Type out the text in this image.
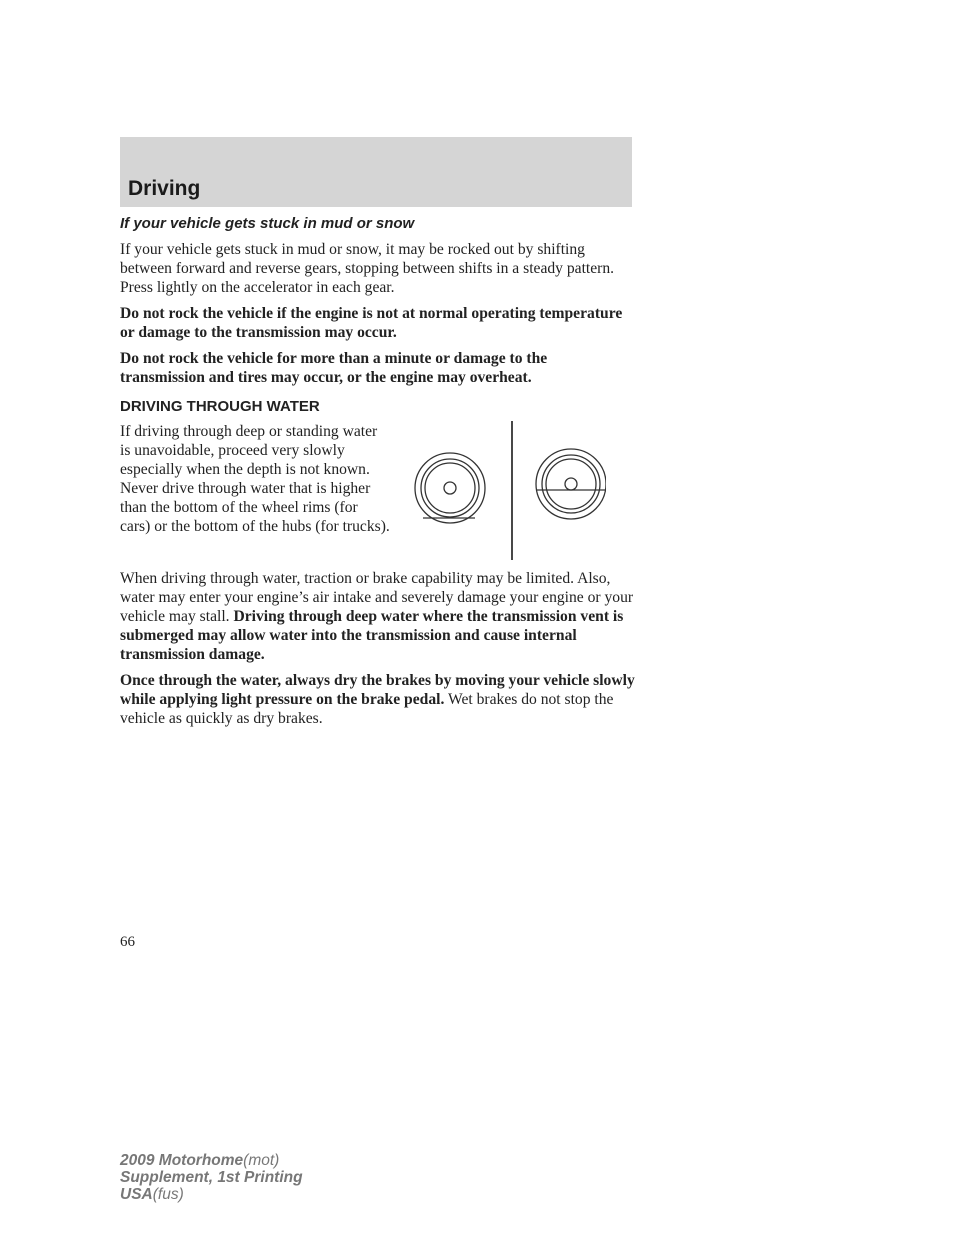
Driving
If your vehicle gets stuck in mud or snow

If your vehicle gets stuck in mud or snow, it may be rocked out by shifting between forward and reverse gears, stopping between shifts in a steady pattern. Press lightly on the accelerator in each gear.

Do not rock the vehicle if the engine is not at normal operating temperature or damage to the transmission may occur.

Do not rock the vehicle for more than a minute or damage to the transmission and tires may occur, or the engine may overheat.

DRIVING THROUGH WATER
If driving through deep or standing water is unavoidable, proceed very slowly especially when the depth is not known. Never drive through water that is higher than the bottom of the wheel rims (for cars) or the bottom of the hubs (for trucks).

When driving through water, traction or brake capability may be limited. Also, water may enter your engine’s air intake and severely damage your engine or your vehicle may stall. Driving through deep water where the transmission vent is submerged may allow water into the transmission and cause internal transmission damage.

Once through the water, always dry the brakes by moving your vehicle slowly while applying light pressure on the brake pedal. Wet brakes do not stop the vehicle as quickly as dry brakes.

66
2009 Motorhome(mot)
Supplement, 1st Printing
USA(fus)
